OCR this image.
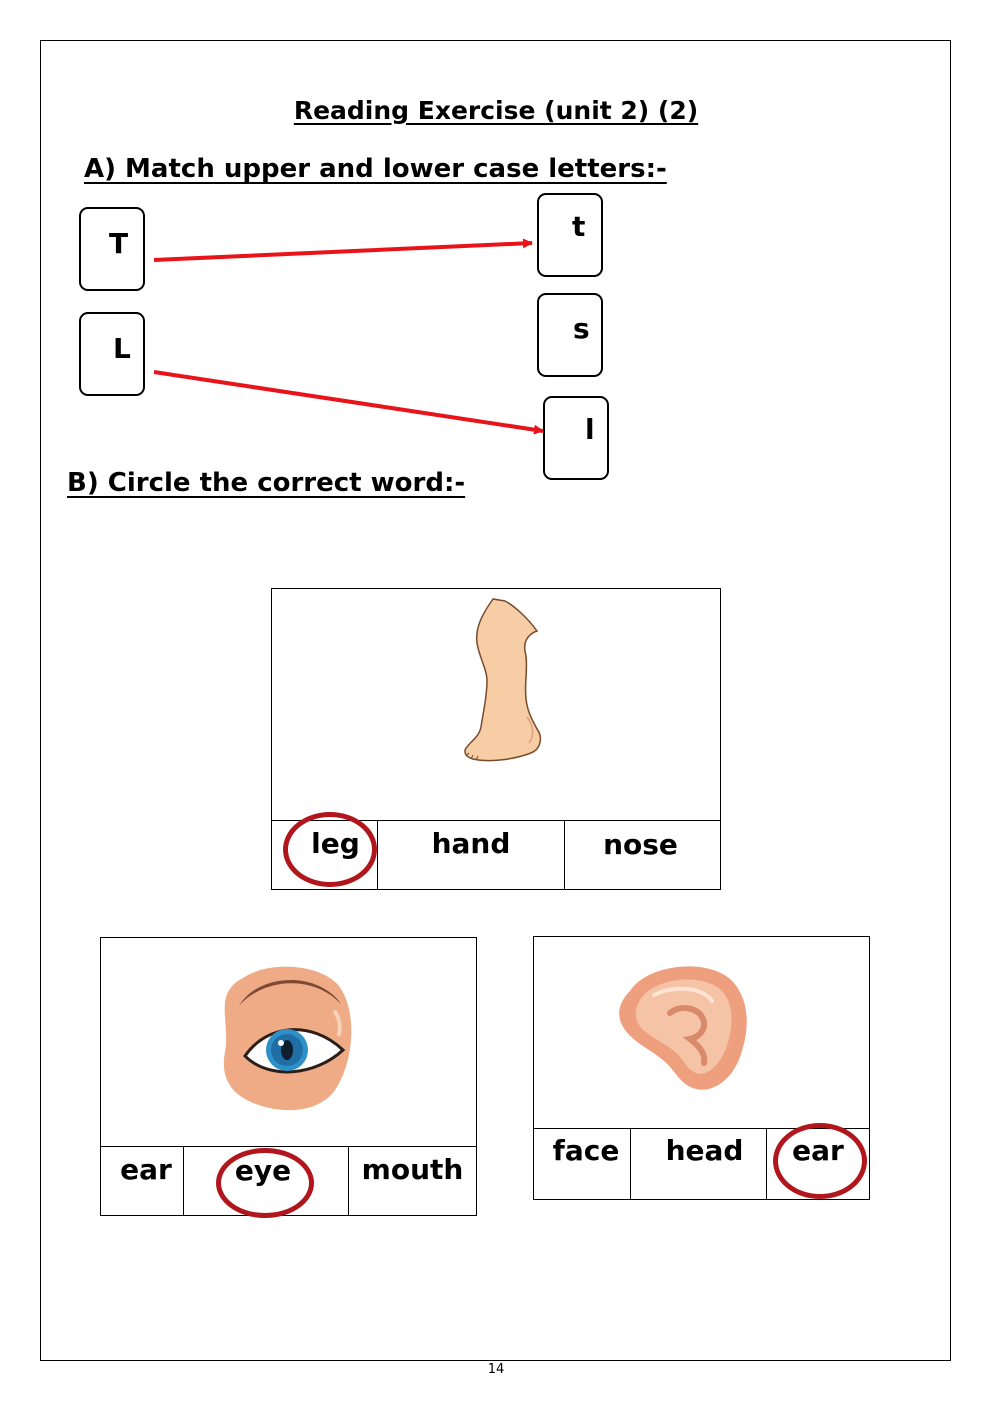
Reading Exercise (unit 2) (2)
A) Match upper and lower case letters:-
T
L
t
s
l
B) Circle the correct word:-
leg	hand	nose
ear	eye	mouth
face	head	ear
14
